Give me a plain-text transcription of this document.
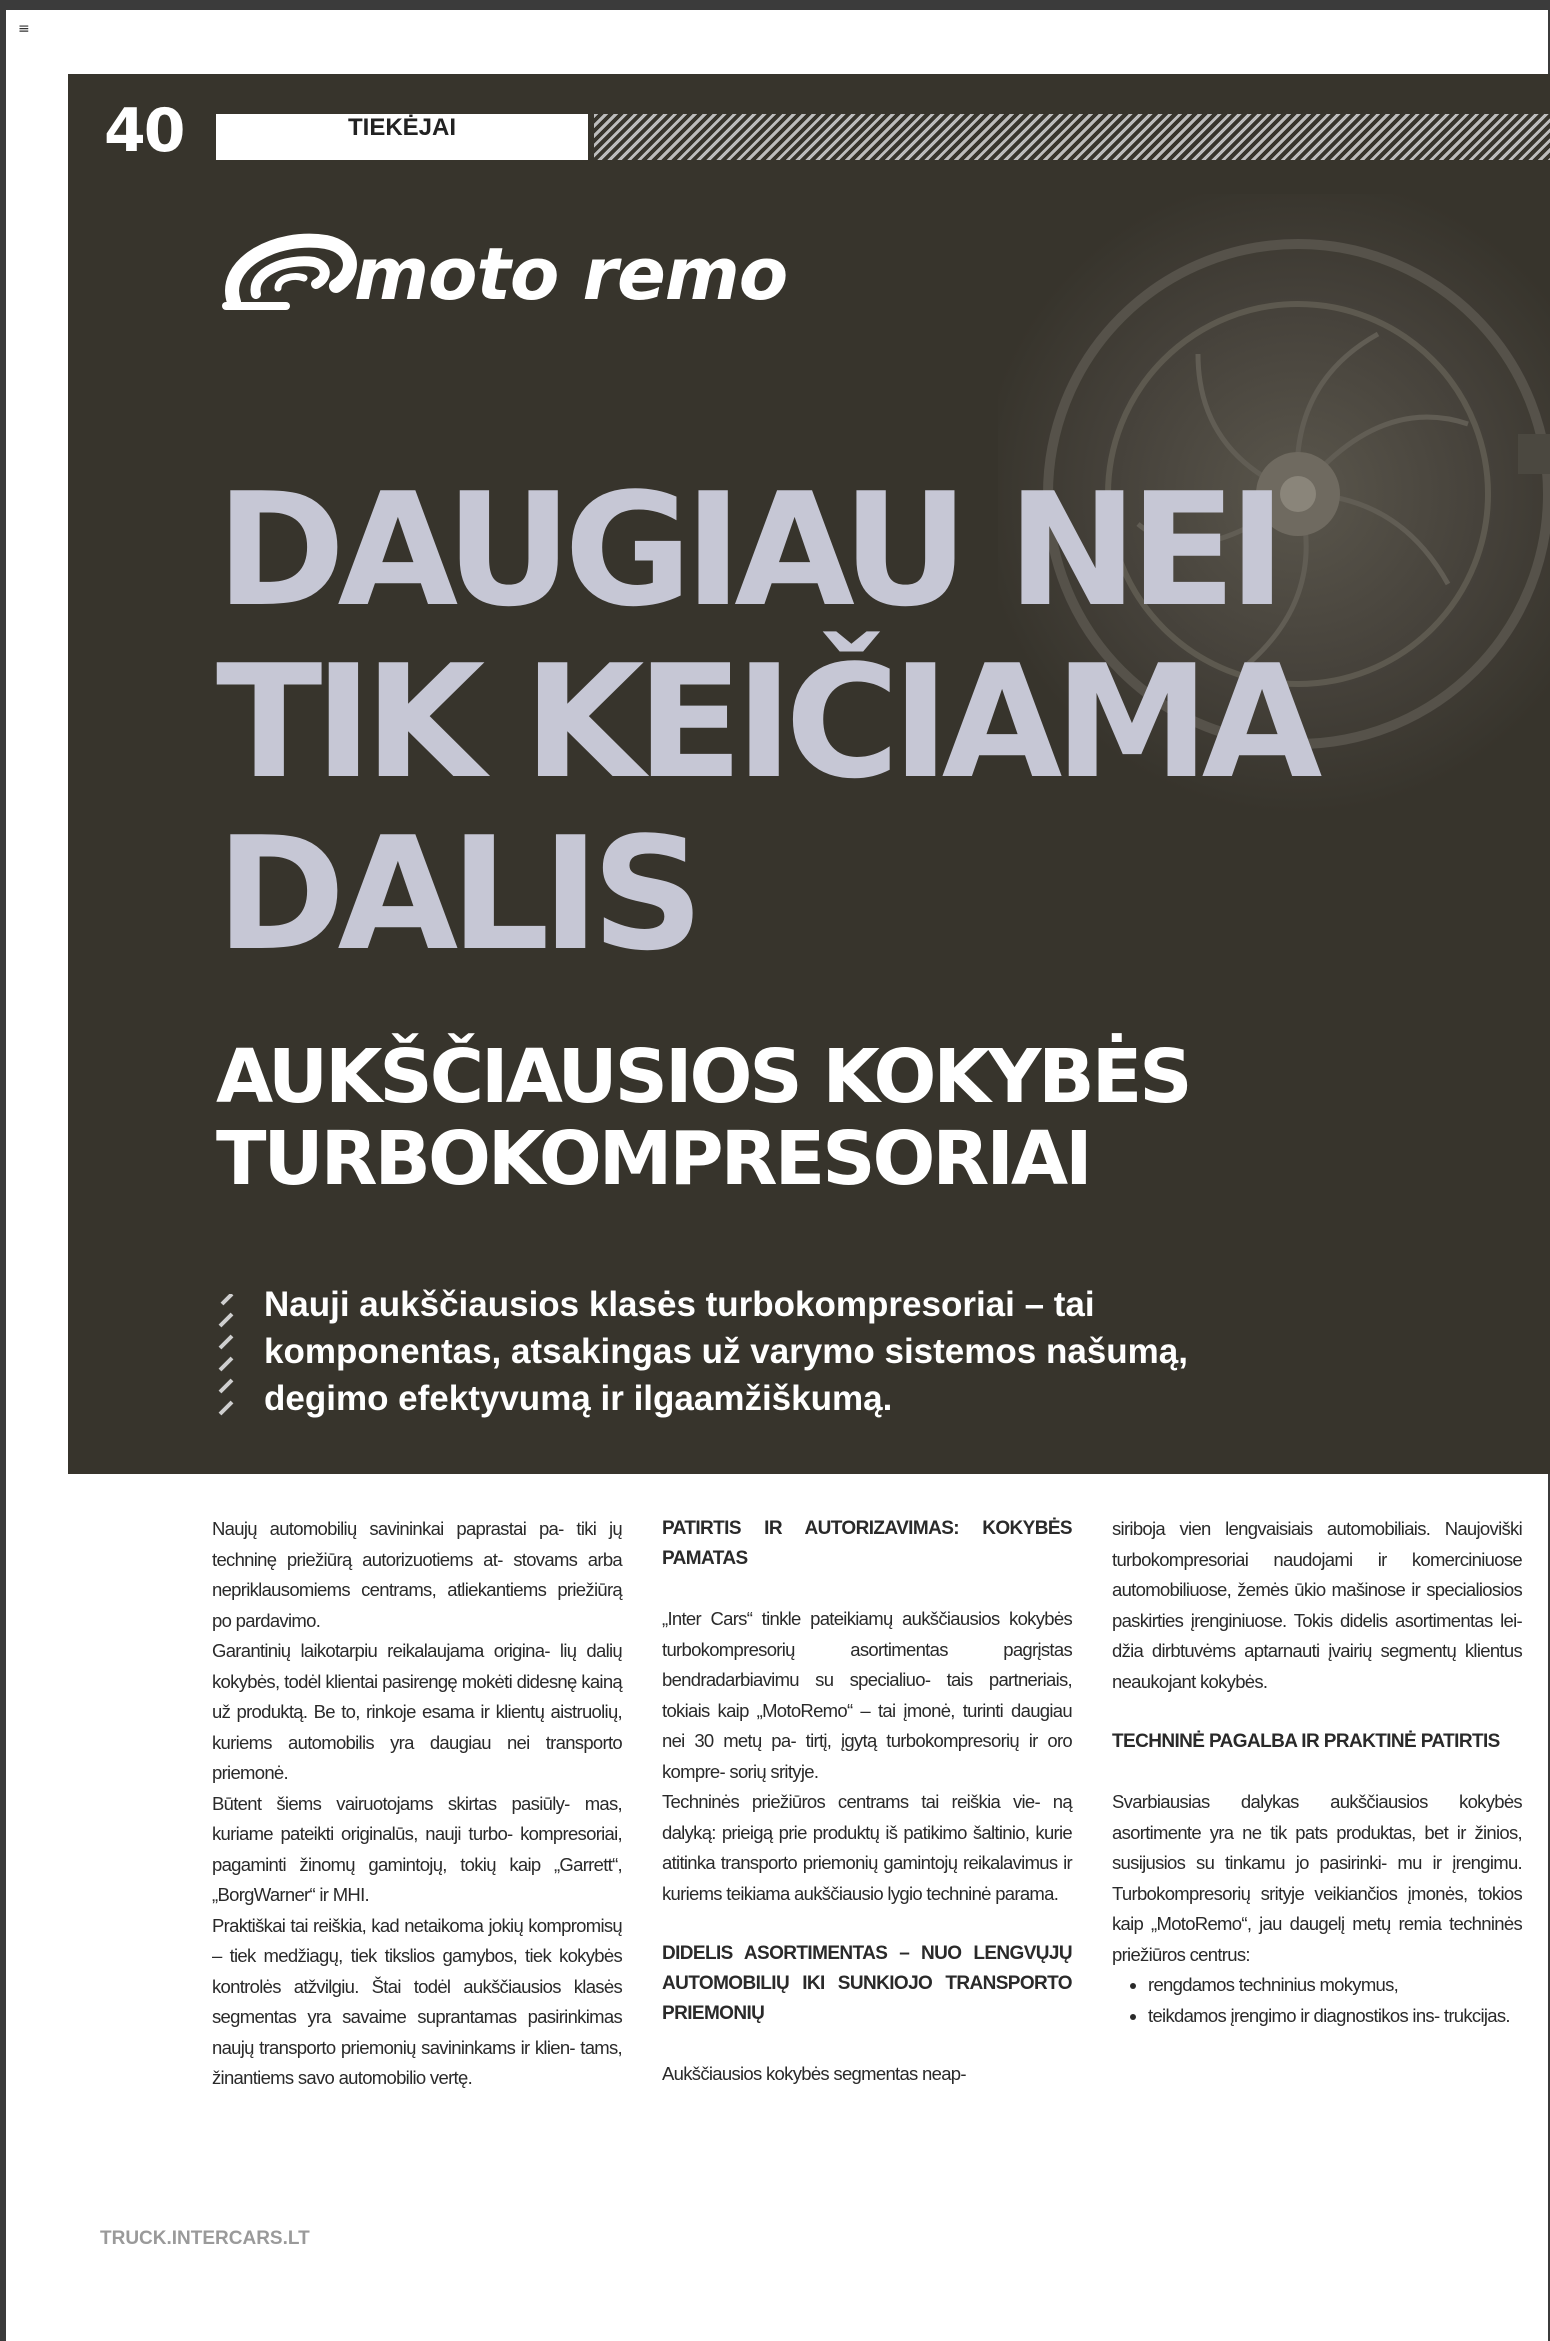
≡
40	TIEKĖJAI
moto remo
DAUGIAU NEI
TIK KEIČIAMA
DALIS
AUKŠČIAUSIOS KOKYBĖS
TURBOKOMPRESORIAI
Nauji aukščiausios klasės turbokompresoriai – tai
komponentas, atsakingas už varymo sistemos našumą,
degimo efektyvumą ir ilgaamžiškumą.

Naujų automobilių savininkai paprastai pa- tiki jų techninę priežiūrą autorizuotiems at- stovams arba nepriklausomiems centrams, atliekantiems priežiūrą po pardavimo.

Garantinių laikotarpiu reikalaujama origina- lių dalių kokybės, todėl klientai pasirengę mokėti didesnę kainą už produktą. Be to, rinkoje esama ir klientų aistruolių, kuriems automobilis yra daugiau nei transporto priemonė.

Būtent šiems vairuotojams skirtas pasiūly- mas, kuriame pateikti originalūs, nauji turbo- kompresoriai, pagaminti žinomų gamintojų, tokių kaip „Garrett“, „BorgWarner“ ir MHI.

Praktiškai tai reiškia, kad netaikoma jokių kompromisų – tiek medžiagų, tiek tikslios gamybos, tiek kokybės kontrolės atžvilgiu. Štai todėl aukščiausios klasės segmentas yra savaime suprantamas pasirinkimas naujų transporto priemonių savininkams ir klien- tams, žinantiems savo automobilio vertę.

PATIRTIS IR AUTORIZAVIMAS: KOKYBĖS PAMATAS

„Inter Cars“ tinkle pateikiamų aukščiausios kokybės turbokompresorių asortimentas pagrįstas bendradarbiavimu su specialiuo- tais partneriais, tokiais kaip „MotoRemo“ – tai įmonė, turinti daugiau nei 30 metų pa- tirtį, įgytą turbokompresorių ir oro kompre- sorių srityje.

Techninės priežiūros centrams tai reiškia vie- ną dalyką: prieigą prie produktų iš patikimo šaltinio, kurie atitinka transporto priemonių gamintojų reikalavimus ir kuriems teikiama aukščiausio lygio techninė parama.

DIDELIS ASORTIMENTAS – NUO LENGVŲJŲ AUTOMOBILIŲ IKI SUNKIOJO TRANSPORTO PRIEMONIŲ

Aukščiausios kokybės segmentas neap-

siriboja vien lengvaisiais automobiliais. Naujoviški turbokompresoriai naudojami ir komerciniuose automobiliuose, žemės ūkio mašinose ir specialiosios paskirties įrenginiuose. Tokis didelis asortimentas lei- džia dirbtuvėms aptarnauti įvairių segmentų klientus neaukojant kokybės.

TECHNINĖ PAGALBA IR PRAKTINĖ PATIRTIS

Svarbiausias dalykas aukščiausios kokybės asortimente yra ne tik pats produktas, bet ir žinios, susijusios su tinkamu jo pasirinki- mu ir įrengimu. Turbokompresorių srityje veikiančios įmonės, tokios kaip „MotoRemo“, jau daugelį metų remia techninės priežiūros centrus:

• rengdamos techninius mokymus,
• teikdamos įrengimo ir diagnostikos ins- trukcijas.
TRUCK.INTERCARS.LT
